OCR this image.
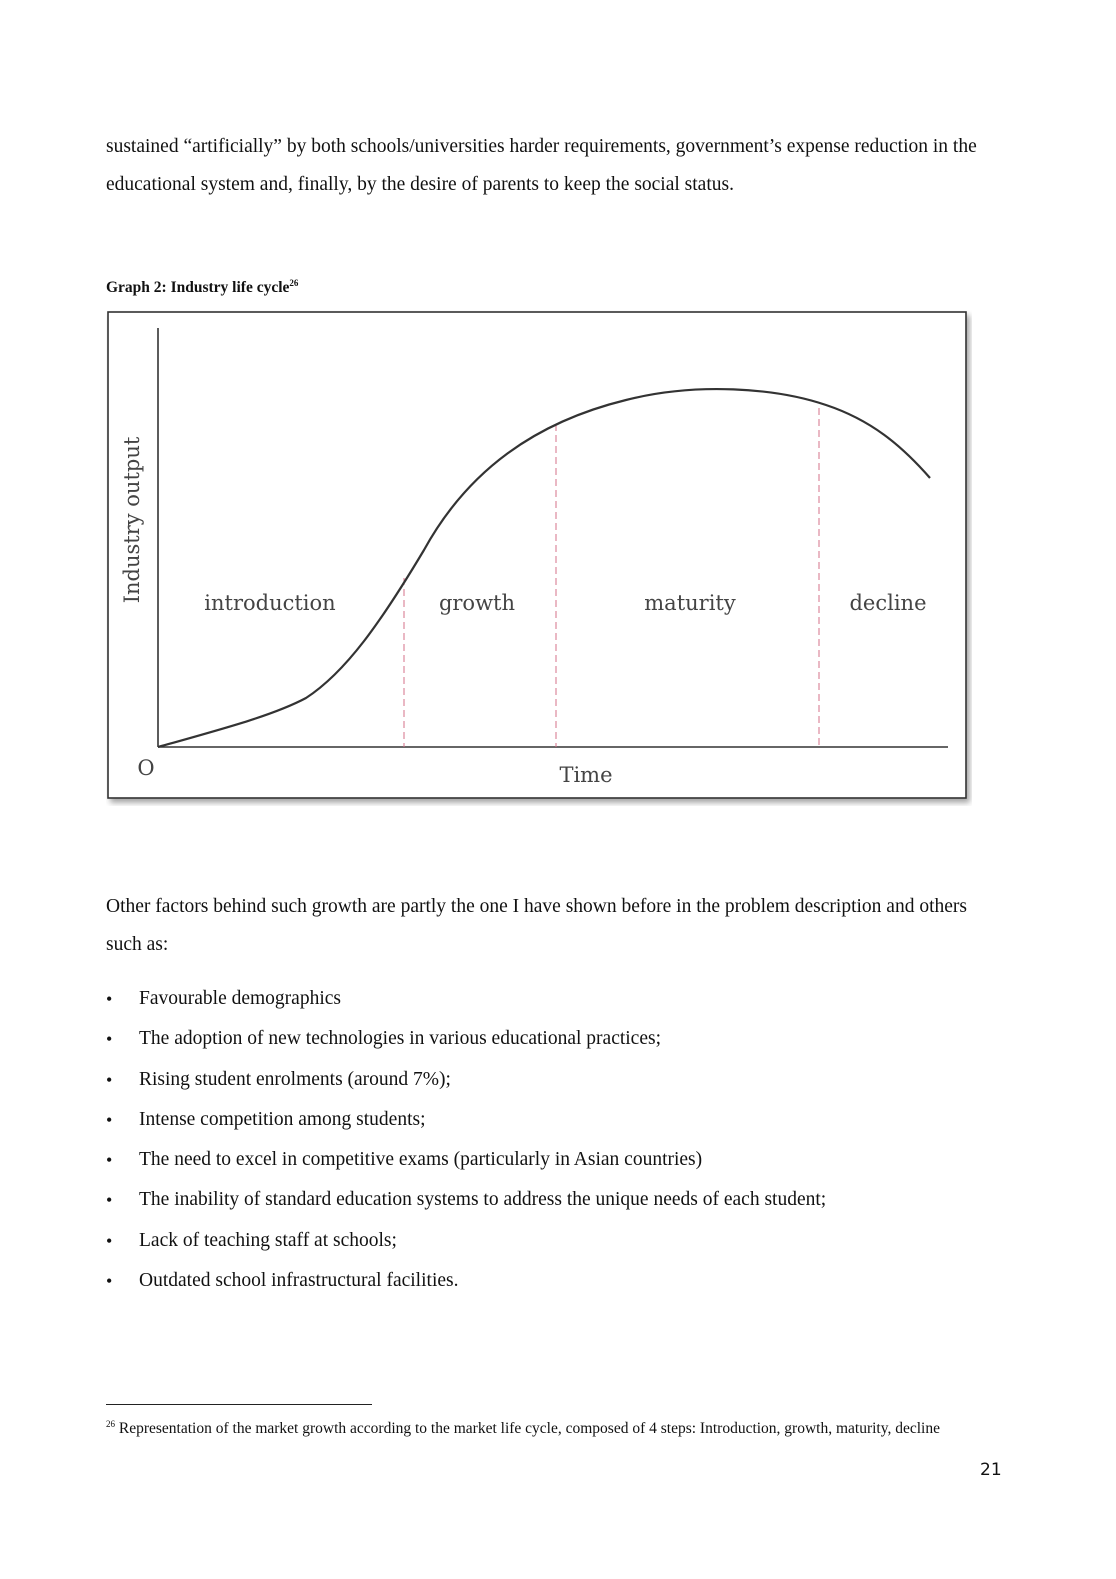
sustained “artificially” by both schools/universities harder requirements, government’s expense reduction in the educational system and, finally, by the desire of parents to keep the social status.

Graph 2: Industry life cycle$^{26}$

Industry output
Time
O
introduction	growth	maturity	decline

Other factors behind such growth are partly the one I have shown before in the problem description and others such as:

• Favourable demographics
• The adoption of new technologies in various educational practices;
• Rising student enrolments (around 7%);
• Intense competition among students;
• The need to excel in competitive exams (particularly in Asian countries)
• The inability of standard education systems to address the unique needs of each student;
• Lack of teaching staff at schools;
• Outdated school infrastructural facilities.

$^{26}$ Representation of the market growth according to the market life cycle, composed of 4 steps: Introduction, growth, maturity, decline

21
